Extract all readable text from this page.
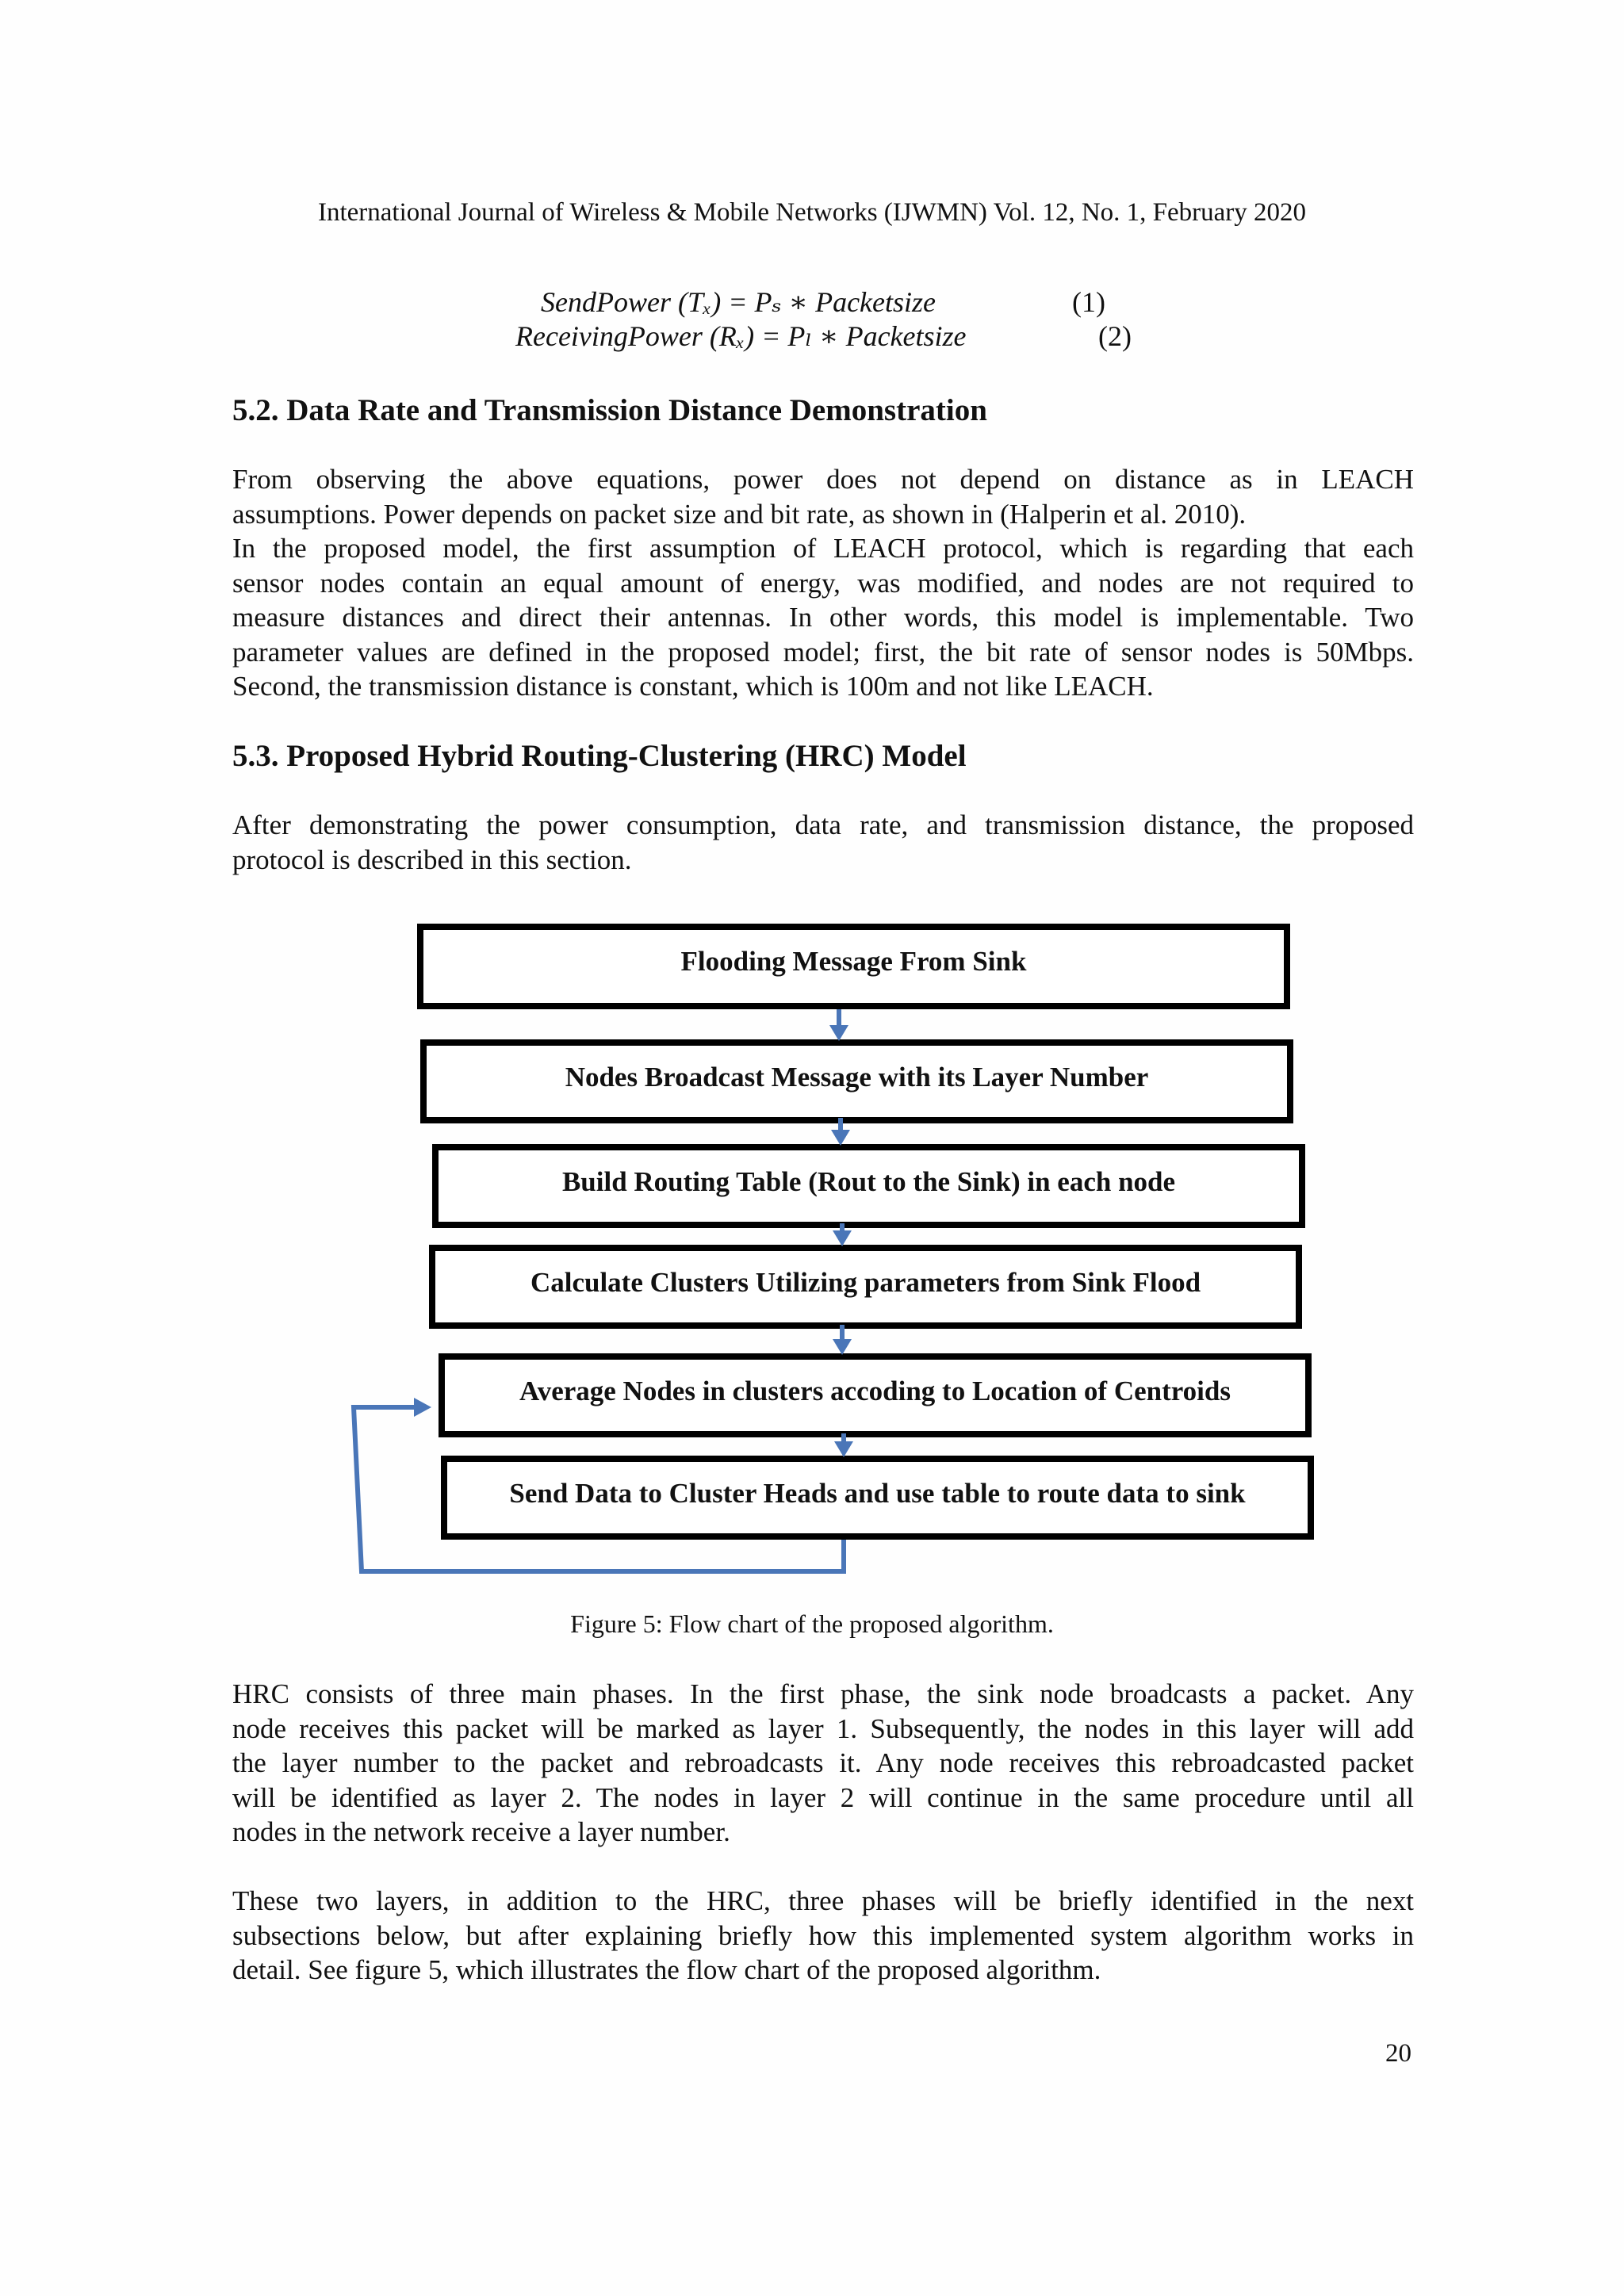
International Journal of Wireless & Mobile Networks (IJWMN) Vol. 12, No. 1, February 2020
SendPower (Tₓ) = Pₛ ∗ Packetsize	(1)
ReceivingPower (Rₓ) = Pₗ ∗ Packetsize	(2)
5.2. Data Rate and Transmission Distance Demonstration
From observing the above equations, power does not depend on distance as in LEACH
assumptions. Power depends on packet size and bit rate, as shown in (Halperin et al. 2010).
In the proposed model, the first assumption of LEACH protocol, which is regarding that each
sensor nodes contain an equal amount of energy, was modified, and nodes are not required to
measure distances and direct their antennas. In other words, this model is implementable. Two
parameter values are defined in the proposed model; first, the bit rate of sensor nodes is 50Mbps.
Second, the transmission distance is constant, which is 100m and not like LEACH.
5.3. Proposed Hybrid Routing-Clustering (HRC) Model
After demonstrating the power consumption, data rate, and transmission distance, the proposed
protocol is described in this section.
Flooding Message From Sink
Nodes Broadcast Message with its Layer Number
Build Routing Table (Rout to the Sink) in each node
Calculate Clusters Utilizing parameters from Sink Flood
Average Nodes in clusters accoding to Location of Centroids
Send Data to Cluster Heads and use table to route data to sink
Figure 5: Flow chart of the proposed algorithm.
HRC consists of three main phases. In the first phase, the sink node broadcasts a packet. Any
node receives this packet will be marked as layer 1. Subsequently, the nodes in this layer will add
the layer number to the packet and rebroadcasts it. Any node receives this rebroadcasted packet
will be identified as layer 2. The nodes in layer 2 will continue in the same procedure until all
nodes in the network receive a layer number.
These two layers, in addition to the HRC, three phases will be briefly identified in the next
subsections below, but after explaining briefly how this implemented system algorithm works in
detail. See figure 5, which illustrates the flow chart of the proposed algorithm.
20
